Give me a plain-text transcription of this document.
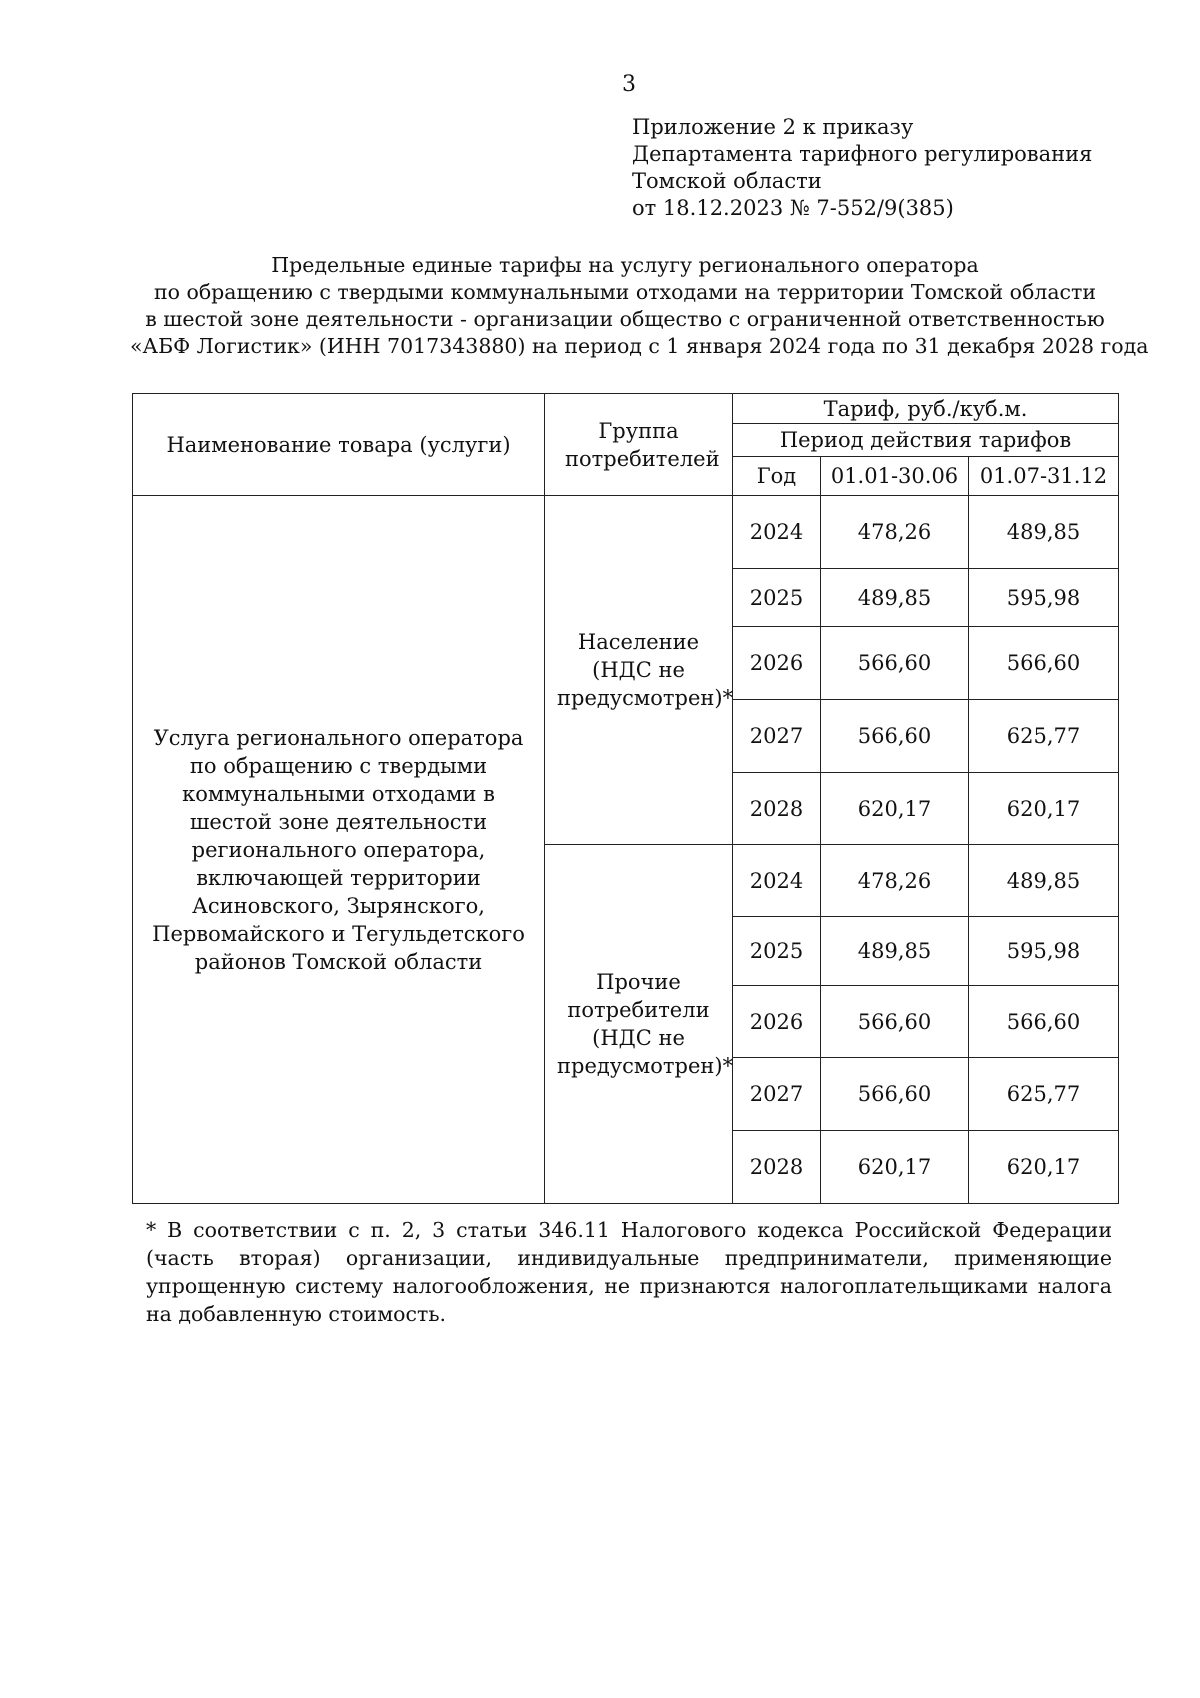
3
Приложение 2 к приказу
Департамента тарифного регулирования
Томской области
от 18.12.2023 № 7-552/9(385)
Предельные единые тарифы на услугу регионального оператора
по обращению с твердыми коммунальными отходами на территории Томской области
в шестой зоне деятельности - организации общество с ограниченной ответственностью
«АБФ Логистик» (ИНН 7017343880) на период с 1 января 2024 года по 31 декабря 2028 года
Наименование товара (услуги)	Группа потребителей	Тариф, руб./куб.м.		
		Период действия тарифов		
		Год	01.01-30.06	01.07-31.12
Услуга регионального оператора по обращению с твердыми коммунальными отходами в шестой зоне деятельности регионального оператора, включающей территории Асиновского, Зырянского, Первомайского и Тегульдетского районов Томской области	Население (НДС не предусмотрен)*	2024	478,26	489,85
		2025	489,85	595,98
		2026	566,60	566,60
		2027	566,60	625,77
		2028	620,17	620,17
	Прочие потребители (НДС не предусмотрен)*	2024	478,26	489,85
		2025	489,85	595,98
		2026	566,60	566,60
		2027	566,60	625,77
		2028	620,17	620,17
* В соответствии с п. 2, 3 статьи 346.11 Налогового кодекса Российской Федерации (часть вторая) организации, индивидуальные предприниматели, применяющие упрощенную систему налогообложения, не признаются налогоплательщиками налога на добавленную стоимость.
